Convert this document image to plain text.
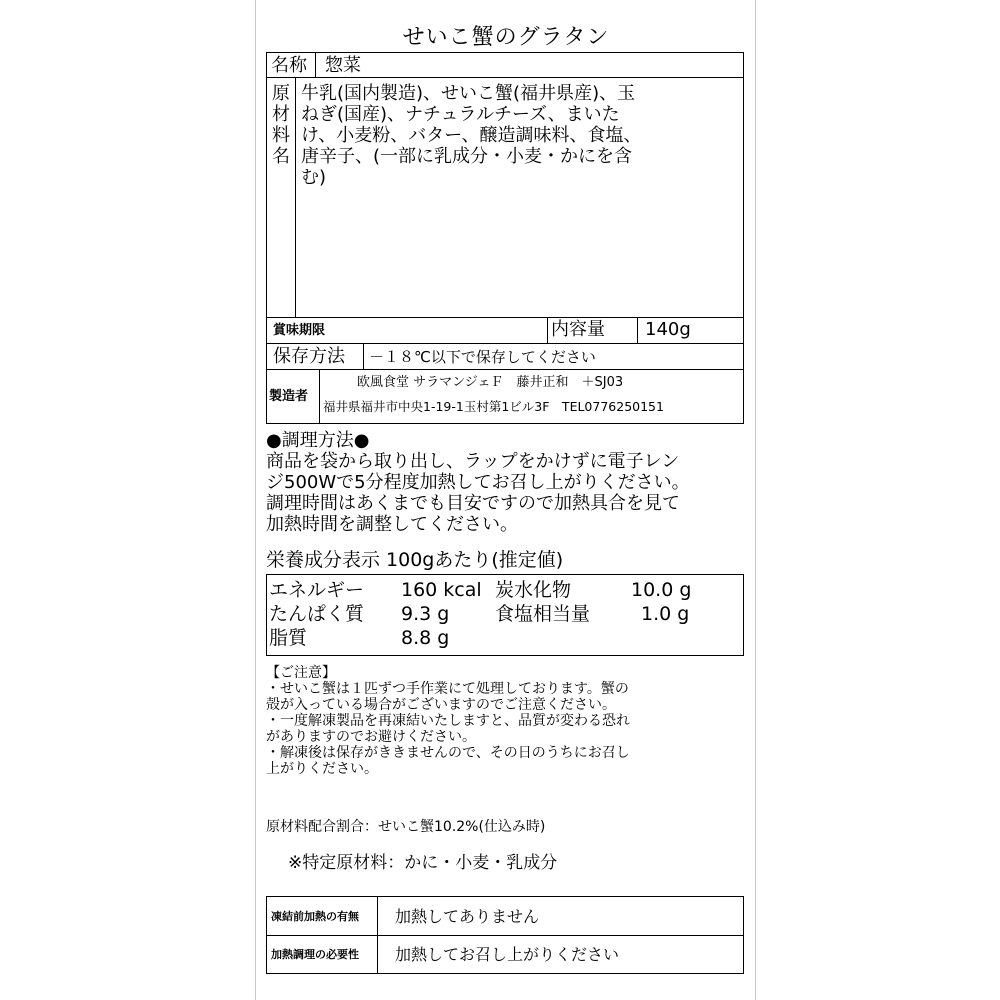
せいこ蟹のグラタン
名称 惣菜
原
材
料
名
牛乳(国内製造)、せいこ蟹(福井県産)、玉
ねぎ(国産)、ナチュラルチーズ、まいた
け、小麦粉、バター、醸造調味料、食塩、
唐辛子、(一部に乳成分・小麦・かにを含
む)
賞味期限	内容量 140g
保存方法 －１８℃以下で保存してください
製造者
欧風食堂 サラマンジェＦ　藤井正和　＋SJ03
福井県福井市中央1-19-1玉村第1ビル3F　TEL0776250151
●調理方法●
商品を袋から取り出し、ラップをかけずに電子レン
ジ500Wで5分程度加熱してお召し上がりください。
調理時間はあくまでも目安ですので加熱具合を見て
加熱時間を調整してください。
栄養成分表示 100gあたり(推定値)
エネルギー 160 kcal 炭水化物	10.0 g
たんぱく質 9.3 g 食塩相当量	1.0 g
脂質	8.8 g
【ご注意】
・せいこ蟹は１匹ずつ手作業にて処理しております。蟹の
殻が入っている場合がございますのでご注意ください。
・一度解凍製品を再凍結いたしますと、品質が変わる恐れ
がありますのでお避けください。
・解凍後は保存がききませんので、その日のうちにお召し
上がりください。
原材料配合割合：せいこ蟹10.2%(仕込み時)
※特定原材料：かに・小麦・乳成分
凍結前加熱の有無 加熱してありません
加熱調理の必要性 加熱してお召し上がりください
